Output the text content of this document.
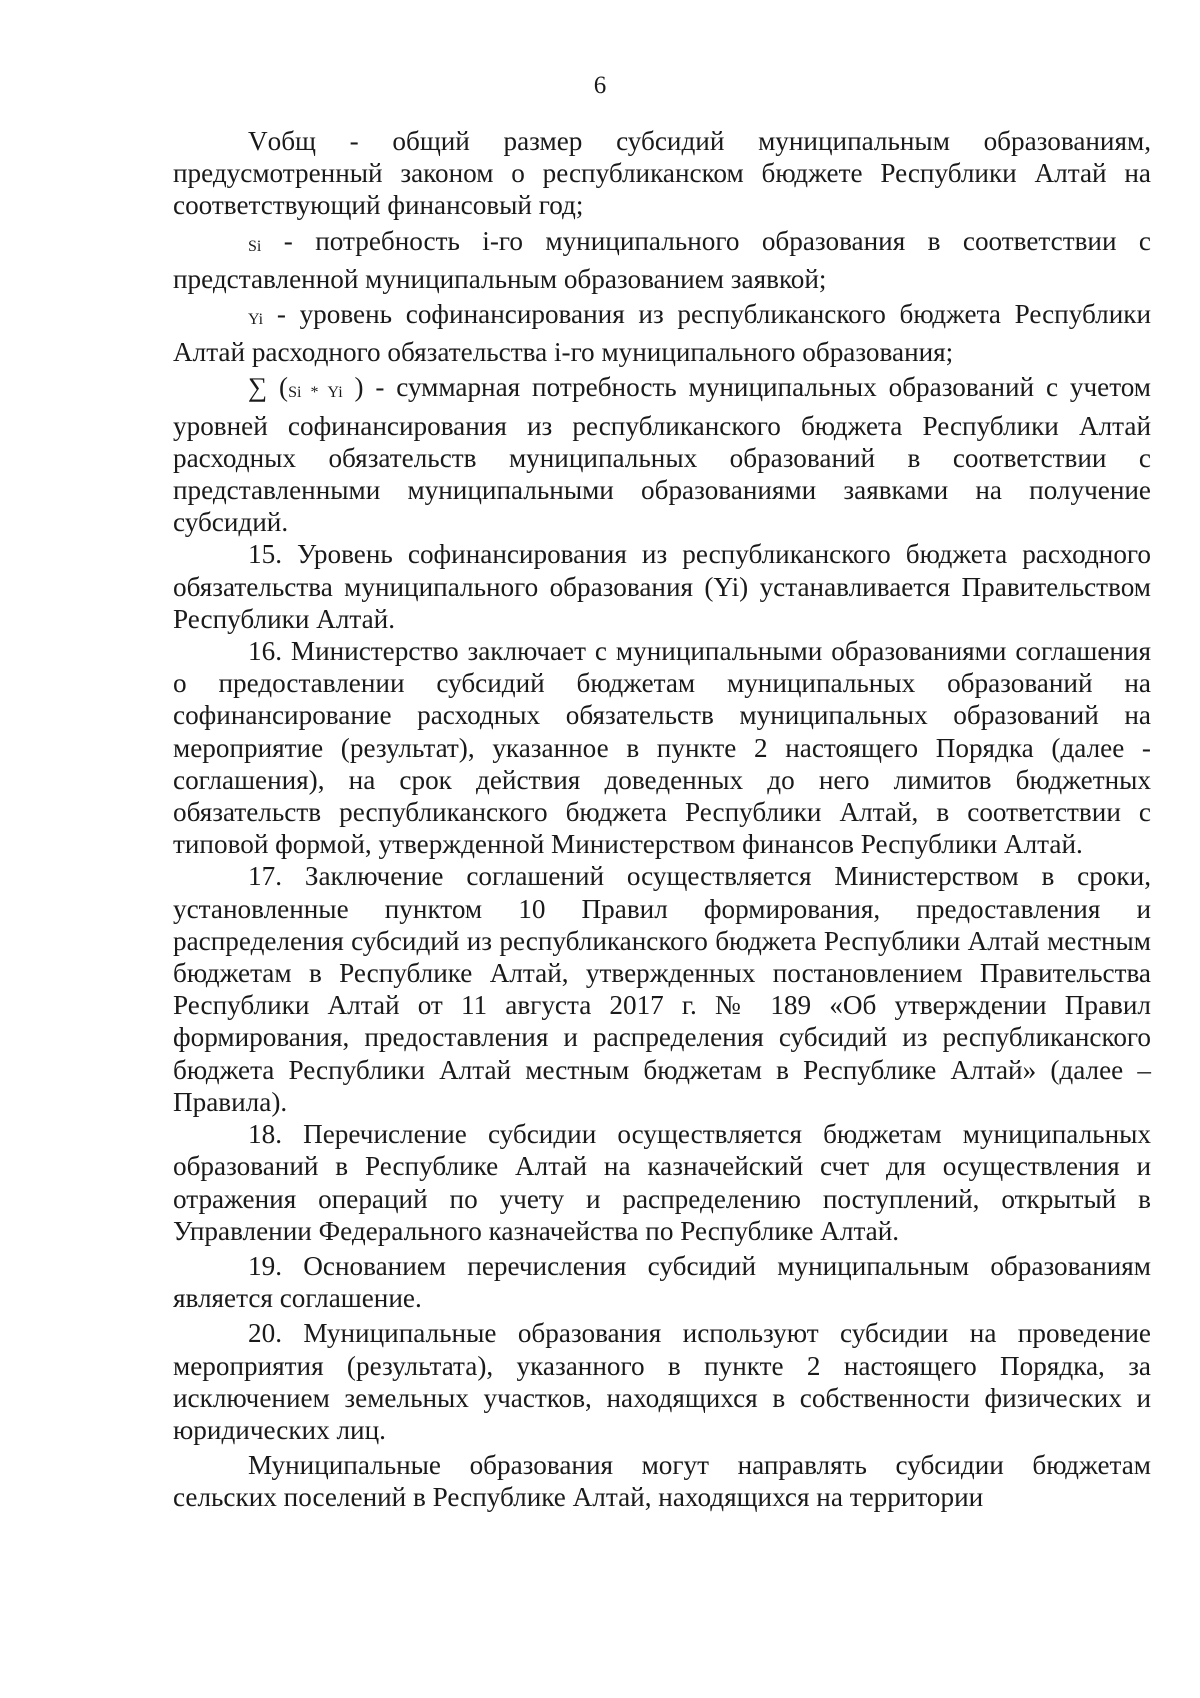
6

Vобщ - общий размер субсидий муниципальным образованиям, предусмотренный законом о республиканском бюджете Республики Алтай на соответствующий финансовый год;

Si - потребность i-го муниципального образования в соответствии с представленной муниципальным образованием заявкой;

Yi - уровень софинансирования из республиканского бюджета Республики Алтай расходного обязательства i-го муниципального образования;

∑ (Si * Yi ) - суммарная потребность муниципальных образований с учетом уровней софинансирования из республиканского бюджета Республики Алтай расходных обязательств муниципальных образований в соответствии с представленными муниципальными образованиями заявками на получение субсидий.

15. Уровень софинансирования из республиканского бюджета расходного обязательства муниципального образования (Yi) устанавливается Правительством Республики Алтай.

16. Министерство заключает с муниципальными образованиями соглашения о предоставлении субсидий бюджетам муниципальных образований на софинансирование расходных обязательств муниципальных образований на мероприятие (результат), указанное в пункте 2 настоящего Порядка (далее - соглашения), на срок действия доведенных до него лимитов бюджетных обязательств республиканского бюджета Республики Алтай, в соответствии с типовой формой, утвержденной Министерством финансов Республики Алтай.

17. Заключение соглашений осуществляется Министерством в сроки, установленные пунктом 10 Правил формирования, предоставления и распределения субсидий из республиканского бюджета Республики Алтай местным бюджетам в Республике Алтай, утвержденных постановлением Правительства Республики Алтай от 11 августа 2017 г. № 189 «Об утверждении Правил формирования, предоставления и распределения субсидий из республиканского бюджета Республики Алтай местным бюджетам в Республике Алтай» (далее – Правила).

18. Перечисление субсидии осуществляется бюджетам муниципальных образований в Республике Алтай на казначейский счет для осуществления и отражения операций по учету и распределению поступлений, открытый в Управлении Федерального казначейства по Республике Алтай.

19. Основанием перечисления субсидий муниципальным образованиям является соглашение.

20. Муниципальные образования используют субсидии на проведение мероприятия (результата), указанного в пункте 2 настоящего Порядка, за исключением земельных участков, находящихся в собственности физических и юридических лиц.

Муниципальные образования могут направлять субсидии бюджетам сельских поселений в Республике Алтай, находящихся на территории
